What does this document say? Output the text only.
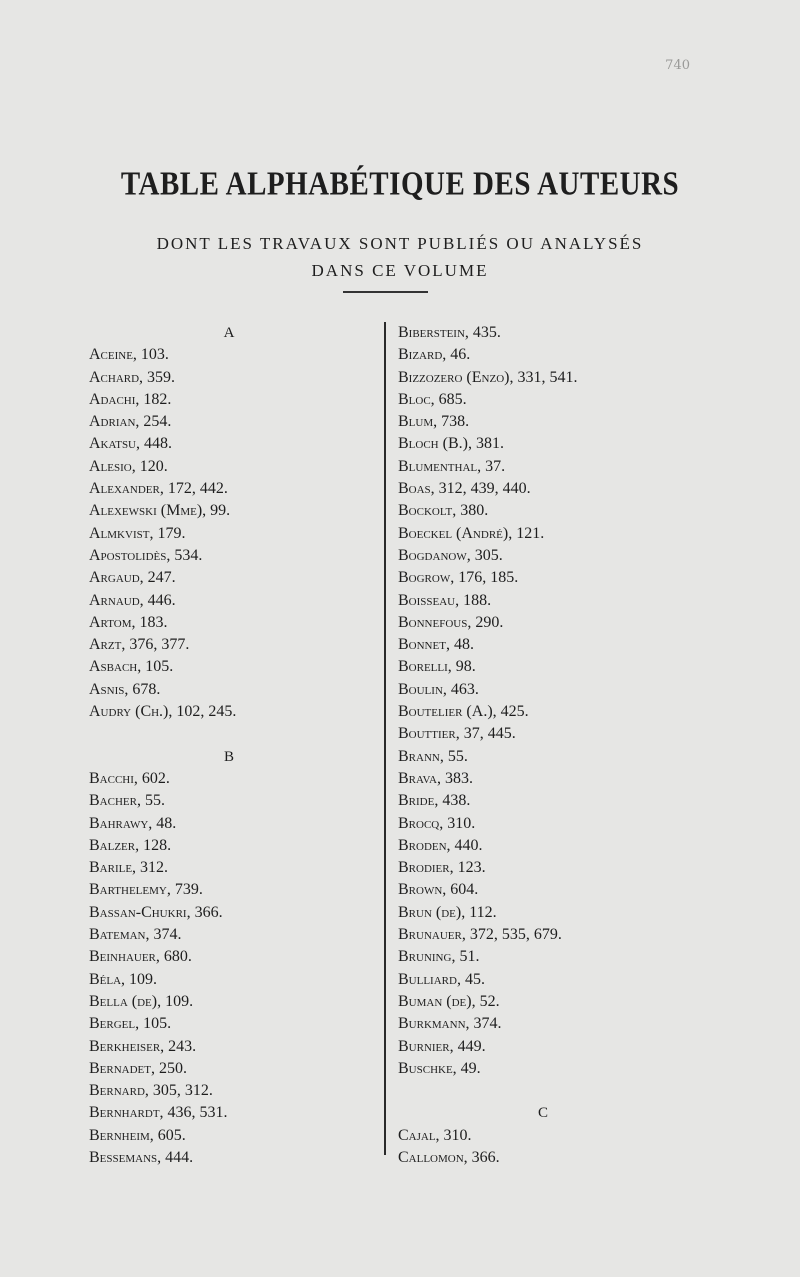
740
TABLE ALPHABÉTIQUE DES AUTEURS
DONT LES TRAVAUX SONT PUBLIÉS OU ANALYSÉS
DANS CE VOLUME
A
Aceine, 103.
Achard, 359.
Adachi, 182.
Adrian, 254.
Akatsu, 448.
Alesio, 120.
Alexander, 172, 442.
Alexewski (Mme), 99.
Almkvist, 179.
Apostolidès, 534.
Argaud, 247.
Arnaud, 446.
Artom, 183.
Arzt, 376, 377.
Asbach, 105.
Asnis, 678.
Audry (Ch.), 102, 245.
B
Bacchi, 602.
Bacher, 55.
Bahrawy, 48.
Balzer, 128.
Barile, 312.
Barthelemy, 739.
Bassan-Chukri, 366.
Bateman, 374.
Beinhauer, 680.
Béla, 109.
Bella (de), 109.
Bergel, 105.
Berkheiser, 243.
Bernadet, 250.
Bernard, 305, 312.
Bernhardt, 436, 531.
Bernheim, 605.
Bessemans, 444.
Biberstein, 435.
Bizard, 46.
Bizzozero (Enzo), 331, 541.
Bloc, 685.
Blum, 738.
Bloch (B.), 381.
Blumenthal, 37.
Boas, 312, 439, 440.
Bockolt, 380.
Boeckel (André), 121.
Bogdanow, 305.
Bogrow, 176, 185.
Boisseau, 188.
Bonnefous, 290.
Bonnet, 48.
Borelli, 98.
Boulin, 463.
Boutelier (A.), 425.
Bouttier, 37, 445.
Brann, 55.
Brava, 383.
Bride, 438.
Brocq, 310.
Broden, 440.
Brodier, 123.
Brown, 604.
Brun (de), 112.
Brunauer, 372, 535, 679.
Bruning, 51.
Bulliard, 45.
Buman (de), 52.
Burkmann, 374.
Burnier, 449.
Buschke, 49.
C
Cajal, 310.
Callomon, 366.
